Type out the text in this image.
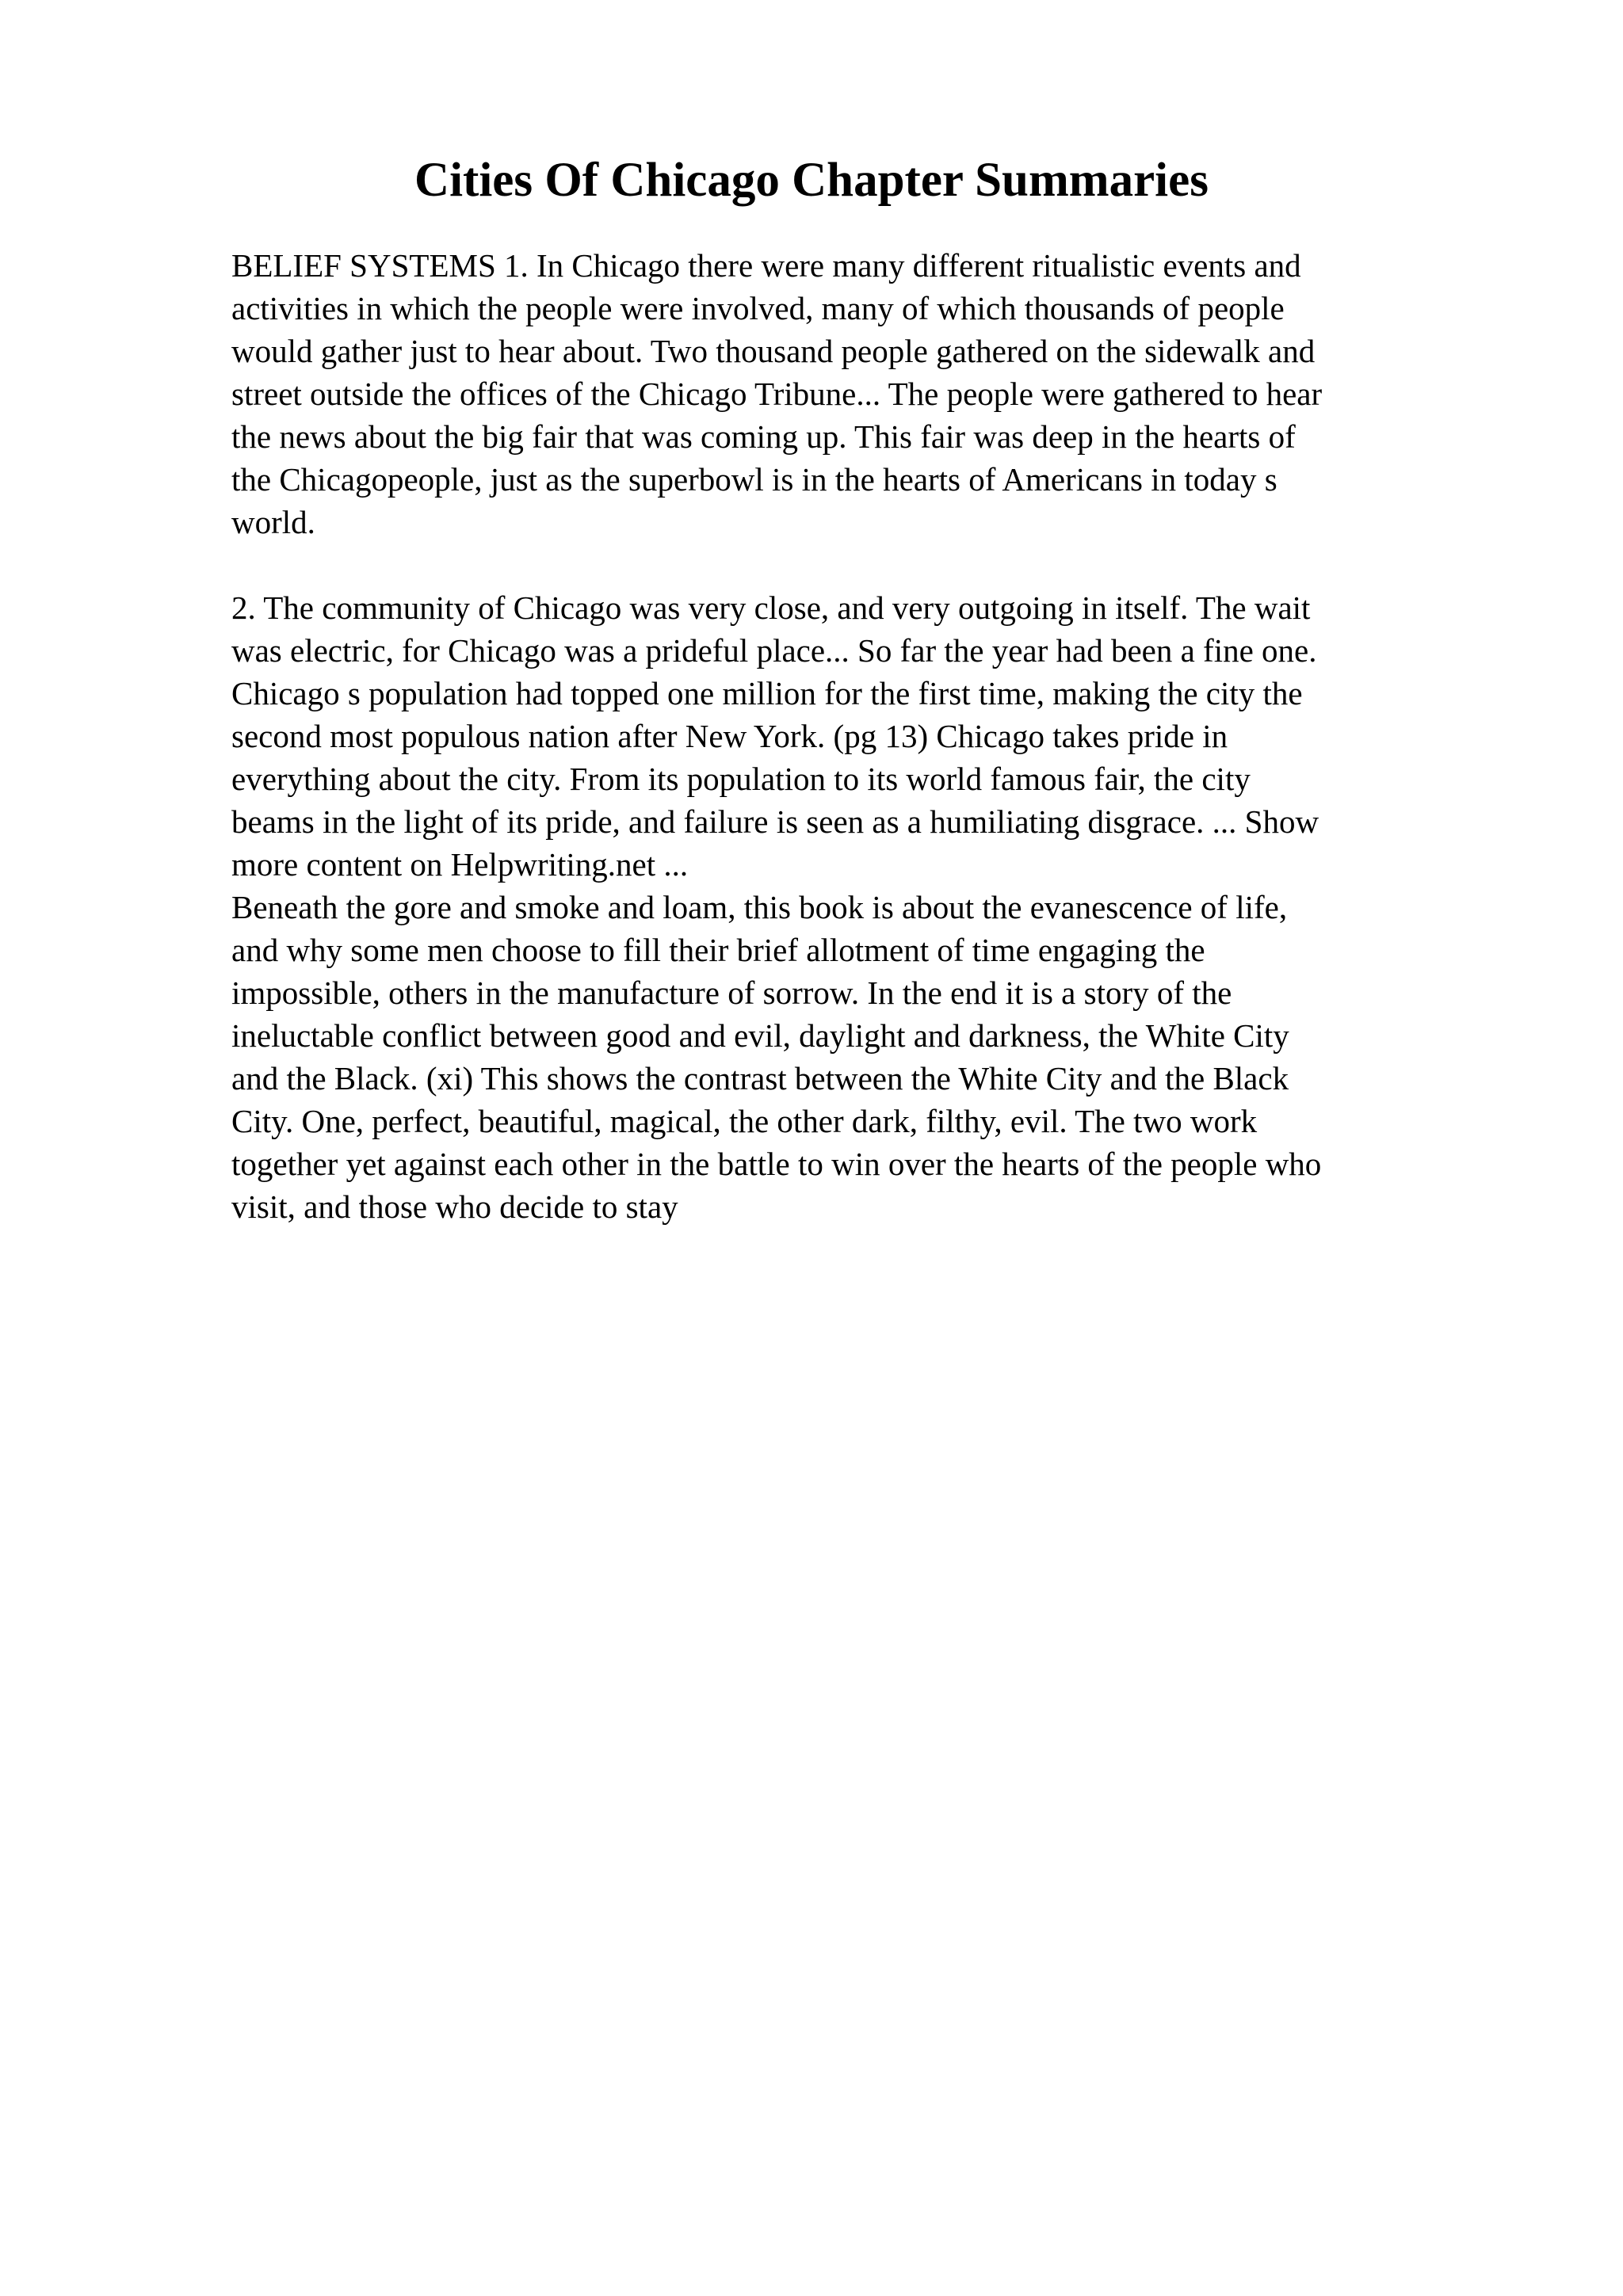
Cities Of Chicago Chapter Summaries

BELIEF SYSTEMS 1. In Chicago there were many different ritualistic events and
activities in which the people were involved, many of which thousands of people
would gather just to hear about. Two thousand people gathered on the sidewalk and
street outside the offices of the Chicago Tribune... The people were gathered to hear
the news about the big fair that was coming up. This fair was deep in the hearts of
the Chicagopeople, just as the superbowl is in the hearts of Americans in today s
world.

2. The community of Chicago was very close, and very outgoing in itself. The wait
was electric, for Chicago was a prideful place... So far the year had been a fine one.
Chicago s population had topped one million for the first time, making the city the
second most populous nation after New York. (pg 13) Chicago takes pride in
everything about the city. From its population to its world famous fair, the city
beams in the light of its pride, and failure is seen as a humiliating disgrace. ... Show
more content on Helpwriting.net ...

Beneath the gore and smoke and loam, this book is about the evanescence of life,
and why some men choose to fill their brief allotment of time engaging the
impossible, others in the manufacture of sorrow. In the end it is a story of the
ineluctable conflict between good and evil, daylight and darkness, the White City
and the Black. (xi) This shows the contrast between the White City and the Black
City. One, perfect, beautiful, magical, the other dark, filthy, evil. The two work
together yet against each other in the battle to win over the hearts of the people who
visit, and those who decide to stay
